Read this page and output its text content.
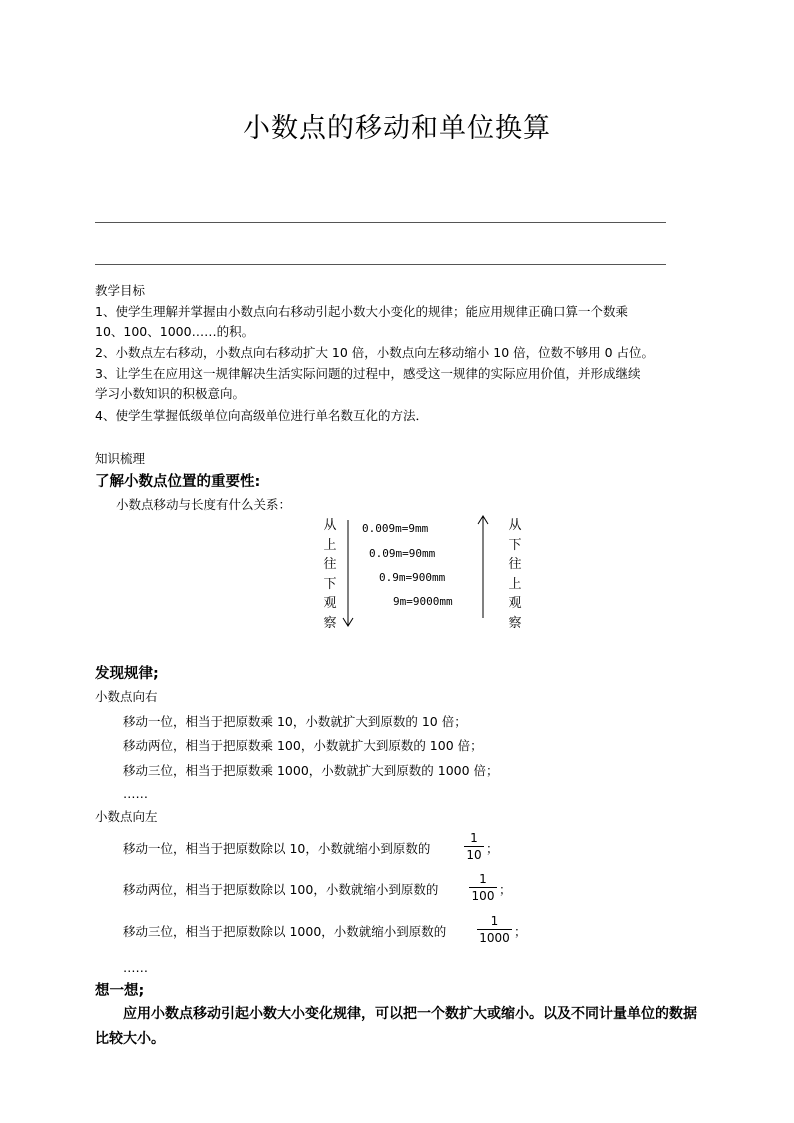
小数点的移动和单位换算
教学目标
1、使学生理解并掌握由小数点向右移动引起小数大小变化的规律；能应用规律正确口算一个数乘
10、100、1000……的积。
2、小数点左右移动，小数点向右移动扩大 10 倍，小数点向左移动缩小 10 倍，位数不够用 0 占位。
3、让学生在应用这一规律解决生活实际问题的过程中，感受这一规律的实际应用价值，并形成继续
学习小数知识的积极意向。
4、使学生掌握低级单位向高级单位进行单名数互化的方法．
知识梳理
了解小数点位置的重要性:
小数点移动与长度有什么关系：
从
上
往
下
观
察
0.009m=9mm
0.09m=90mm
0.9m=900mm
9m=9000mm
从
下
往
上
观
察
发现规律;
小数点向右
移动一位，相当于把原数乘 10，小数就扩大到原数的 10 倍；
移动两位，相当于把原数乘 100，小数就扩大到原数的 100 倍；
移动三位，相当于把原数乘 1000，小数就扩大到原数的 1000 倍；
……
小数点向左
移动一位，相当于把原数除以 10，小数就缩小到原数的
1
10 ；
移动两位，相当于把原数除以 100，小数就缩小到原数的
1
100 ；
移动三位，相当于把原数除以 1000，小数就缩小到原数的
1
1000 ；
……
想一想;
应用小数点移动引起小数大小变化规律，可以把一个数扩大或缩小。以及不同计量单位的数据
比较大小。
